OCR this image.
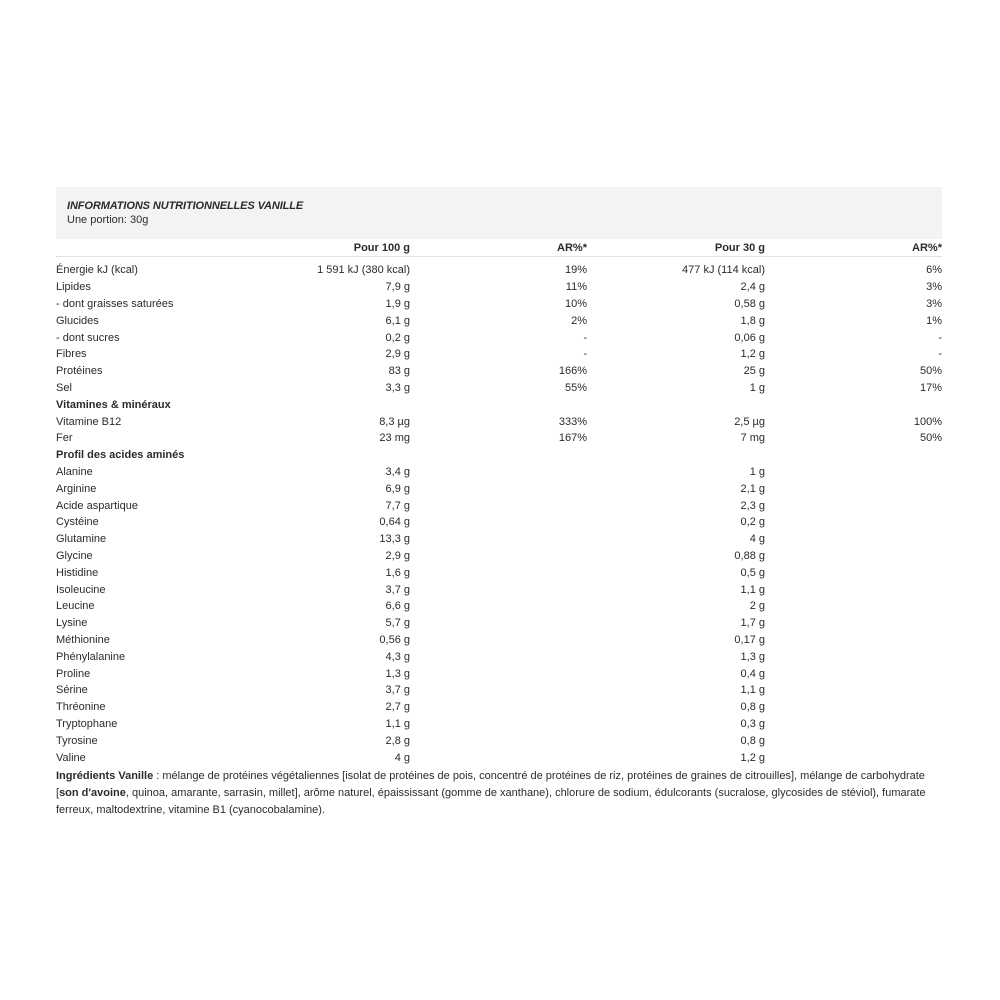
INFORMATIONS NUTRITIONNELLES VANILLE
Une portion: 30g
	Pour 100 g	AR%*	Pour 30 g	AR%*
Énergie kJ (kcal)	1 591 kJ (380 kcal)	19%	477 kJ (114 kcal)	6%
Lipides	7,9 g	11%	2,4 g	3%
- dont graisses saturées	1,9 g	10%	0,58 g	3%
Glucides	6,1 g	2%	1,8 g	1%
- dont sucres	0,2 g	-	0,06 g	-
Fibres	2,9 g	-	1,2 g	-
Protéines	83 g	166%	25 g	50%
Sel	3,3 g	55%	1 g	17%
Vitamines & minéraux				
Vitamine B12	8,3 µg	333%	2,5 µg	100%
Fer	23 mg	167%	7 mg	50%
Profil des acides aminés				
Alanine	3,4 g		1 g	
Arginine	6,9 g		2,1 g	
Acide aspartique	7,7 g		2,3 g	
Cystéine	0,64 g		0,2 g	
Glutamine	13,3 g		4 g	
Glycine	2,9 g		0,88 g	
Histidine	1,6 g		0,5 g	
Isoleucine	3,7 g		1,1 g	
Leucine	6,6 g		2 g	
Lysine	5,7 g		1,7 g	
Méthionine	0,56 g		0,17 g	
Phénylalanine	4,3 g		1,3 g	
Proline	1,3 g		0,4 g	
Sérine	3,7 g		1,1 g	
Thréonine	2,7 g		0,8 g	
Tryptophane	1,1 g		0,3 g	
Tyrosine	2,8 g		0,8 g	
Valine	4 g		1,2 g	
Ingrédients Vanille : mélange de protéines végétaliennes [isolat de protéines de pois, concentré de protéines de riz, protéines de graines de citrouilles], mélange de carbohydrate [son d'avoine, quinoa, amarante, sarrasin, millet], arôme naturel, épaississant (gomme de xanthane), chlorure de sodium, édulcorants (sucralose, glycosides de stéviol), fumarate ferreux, maltodextrine, vitamine B1 (cyanocobalamine).
